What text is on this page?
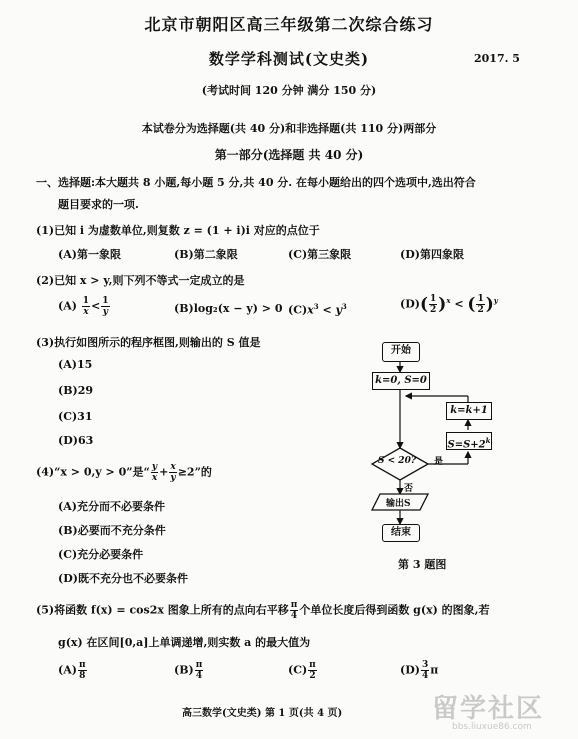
北京市朝阳区高三年级第二次综合练习
数学学科测试(文史类)	2017. 5
(考试时间 120 分钟 满分 150 分)
本试卷分为选择题(共 40 分)和非选择题(共 110 分)两部分
第一部分(选择题 共 40 分)
一、选择题:本大题共 8 小题,每小题 5 分,共 40 分. 在每小题给出的四个选项中,选出符合
题目要求的一项.
(1)已知 i 为虚数单位,则复数 z = (1 + i)i 对应的点位于
(A)第一象限	(B)第二象限	(C)第三象限	(D)第四象限
(2)已知 x > y,则下列不等式一定成立的是
$(A) \frac{1}{x} < \frac{1}{y}$	(B)log₂(x − y) > 0 $(C)x^3 < y^3$	$(D)( \frac{1}{2} )^x$ < ( $\frac{1}{2} )^y$
(3)执行如图所示的程序框图,则输出的 S 值是
(A)15
(B)29
(C)31
(D)63
(4)“x > 0,y > 0”是“ $\frac{y}{x} + \frac{x}{y} \ge 2$”的
(A)充分而不必要条件
(B)必要而不充分条件
(C)充分必要条件
(D)既不充分也不必要条件
开始
k=0, S=0
k=k+1
$S=S+2^k$
S < 20? 是
否
输出S
结束
第 3 题图
(5)将函数 f(x) = cos2x 图象上所有的点向右平移 $\frac{\pi}{4}$ 个单位长度后得到函数 g(x) 的图象,若
g(x) 在区间[0,a]上单调递增,则实数 a 的最大值为
$(A) \frac{\pi}{8}$	$(B) \frac{\pi}{4}$	$(C) \frac{\pi}{2}$	$(D) \frac{3}{4}$ π
高三数学(文史类) 第 1 页(共 4 页)	留学社区
bbs.liuxue86.com
